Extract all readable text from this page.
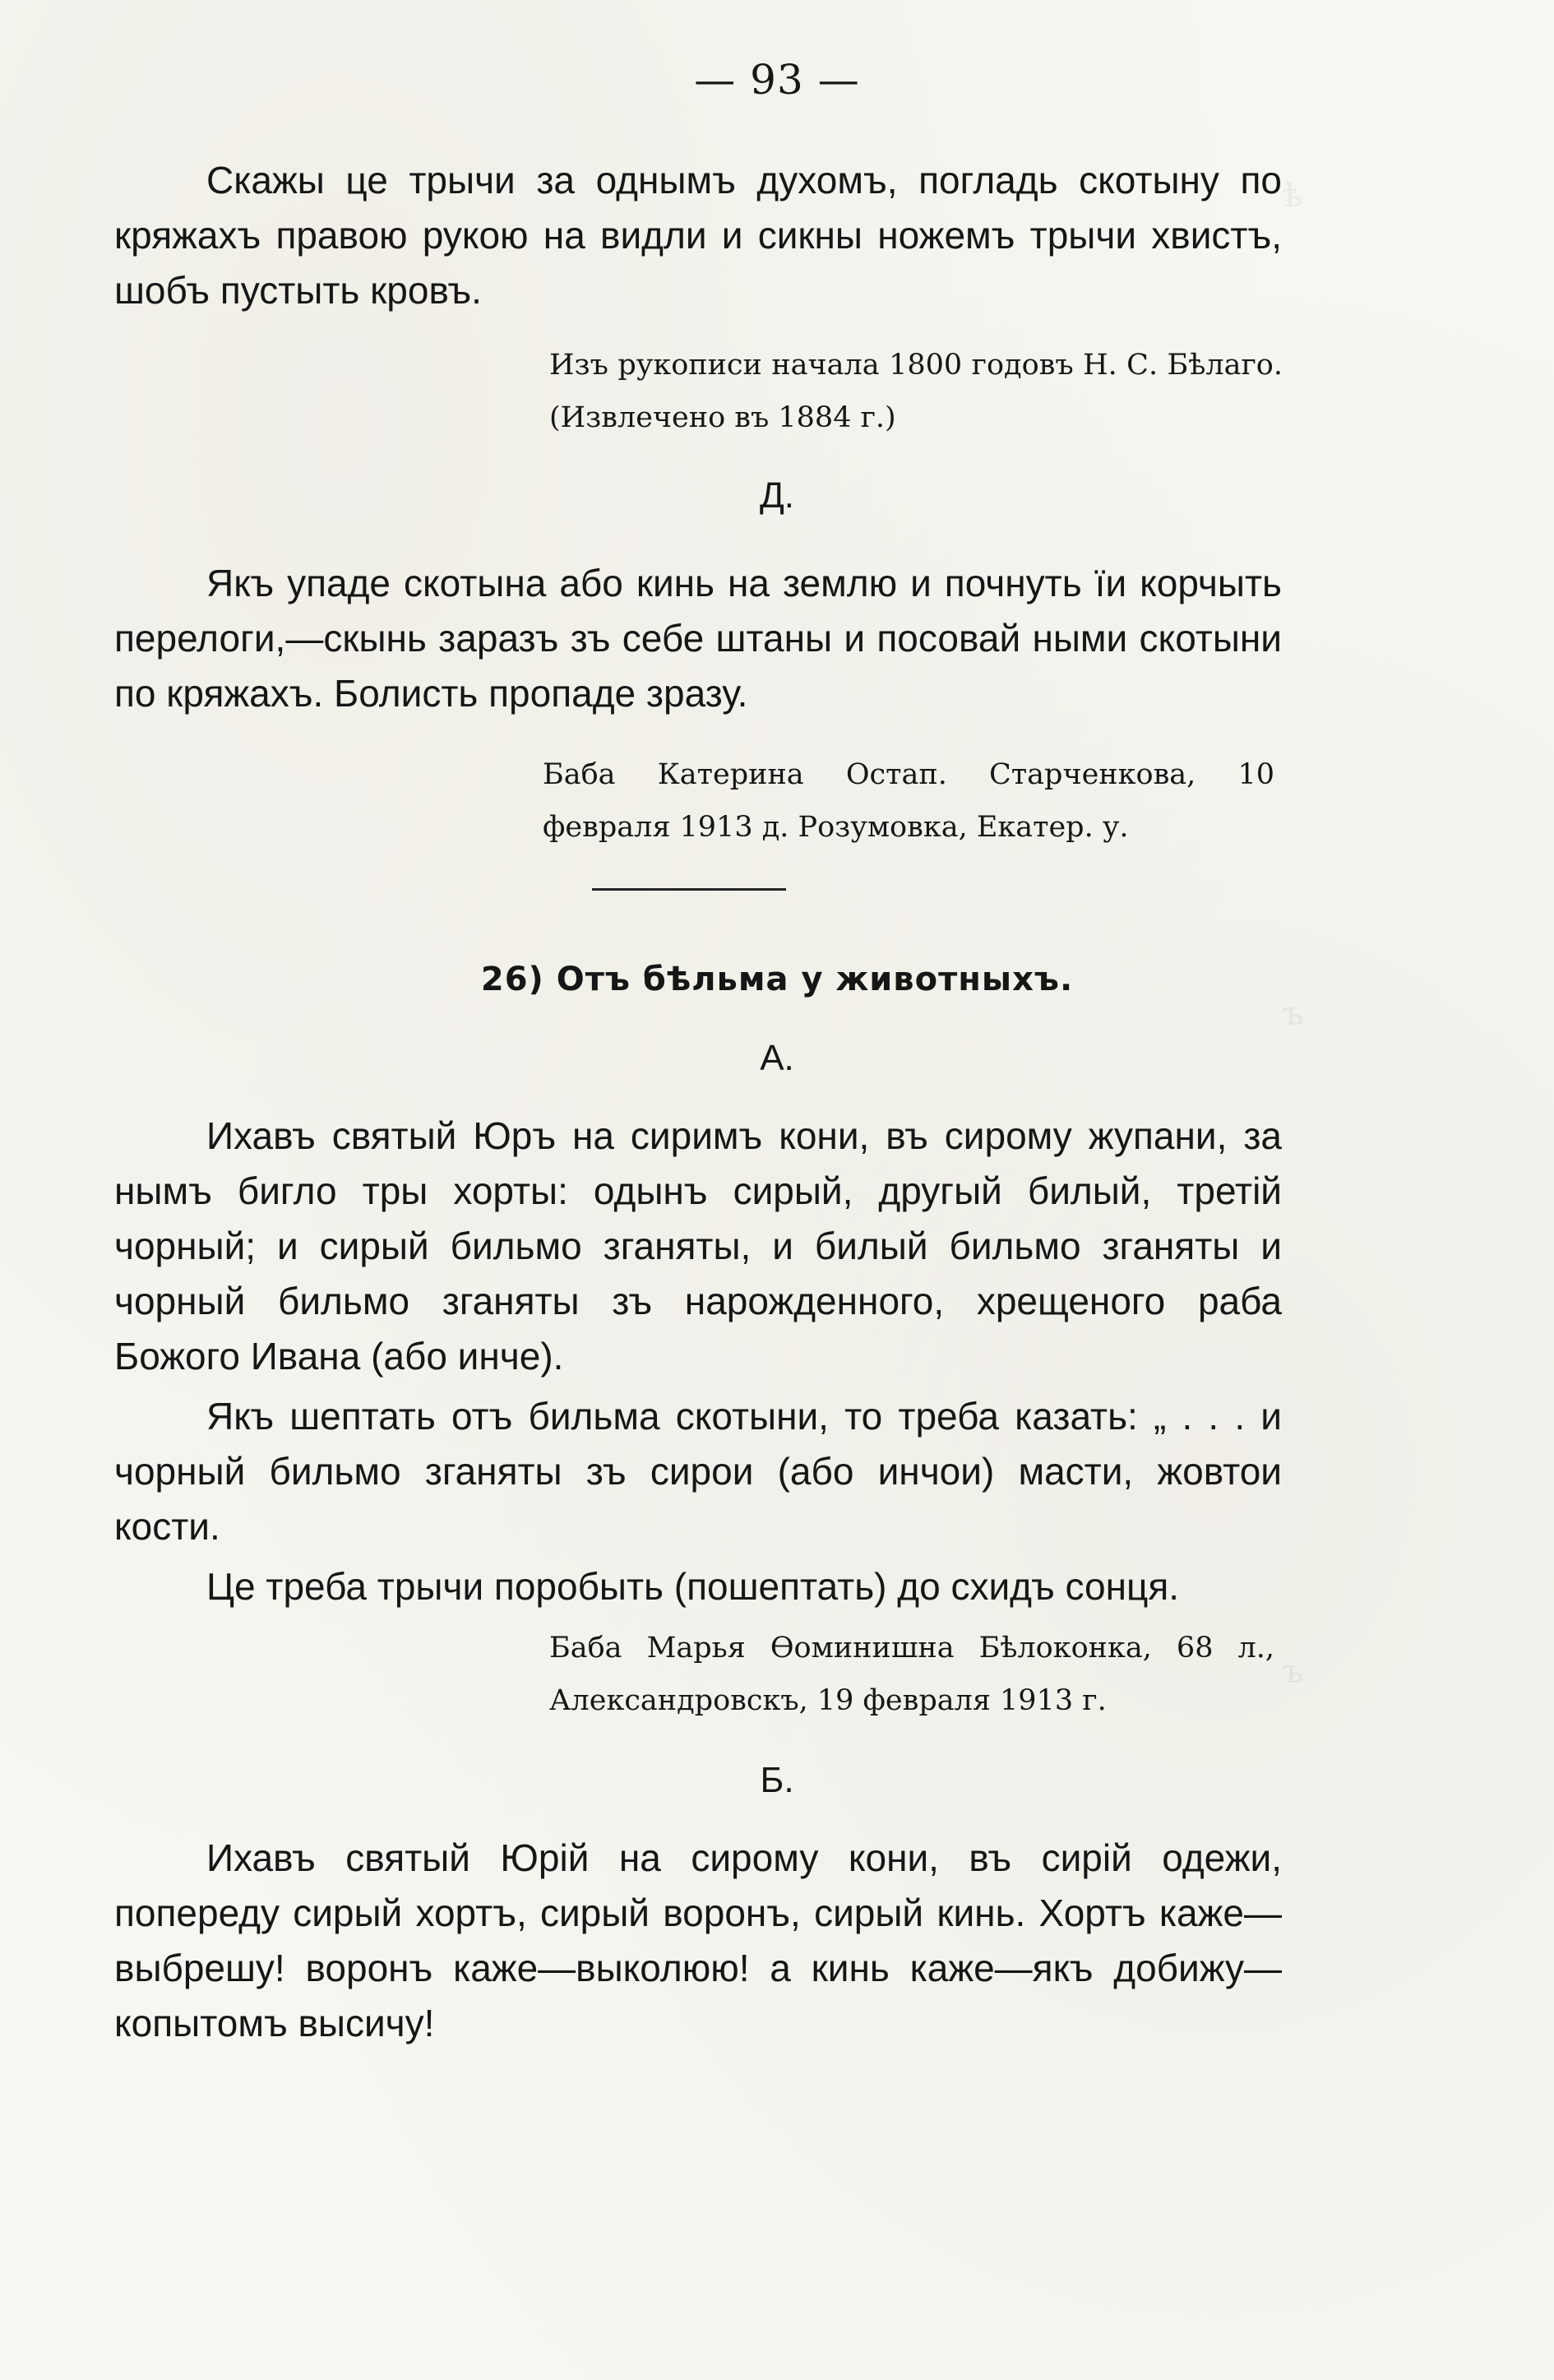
ѣ
ъ
ъ

— 93 —

Скажы це трычи за однымъ духомъ, погладь скотыну по кряжахъ правою рукою на видли и сикны ножемъ трычи хвистъ, шобъ пустыть кровъ.

Изъ рукописи начала 1800 годовъ Н. С. Бѣлаго. (Извлечено въ 1884 г.)

Д.

Якъ упаде скотына або кинь на землю и почнуть їи корчыть перелоги,—скынь заразъ зъ себе штаны и посовай ными скотыни по кряжахъ. Болисть пропаде зразу.

Баба Катерина Остап. Старченкова, 10 февраля 1913 д. Розумовка, Екатер. у.

26) Отъ бѣльма у животныхъ.

А.

Ихавъ святый Юръ на сиримъ кони, въ сирому жупани, за нымъ бигло тры хорты: одынъ сирый, другый билый, третій чорный; и сирый бильмо зганяты, и билый бильмо зганяты и чорный бильмо зганяты зъ нарожденного, хрещеного раба Божого Ивана (або инче).

Якъ шептать отъ бильма скотыни, то треба казать: „ . . . и чорный бильмо зганяты зъ сирои (або инчои) масти, жовтои кости.

Це треба трычи поробыть (пошептать) до схидъ сонця.

Баба Марья Ѳоминишна Бѣлоконка, 68 л., Александровскъ, 19 февраля 1913 г.

Б.

Ихавъ святый Юрій на сирому кони, въ сирій одежи, попереду сирый хортъ, сирый воронъ, сирый кинь. Хортъ каже—выбрешу! воронъ каже—выколюю! а кинь каже—якъ добижу—копытомъ высичу!
